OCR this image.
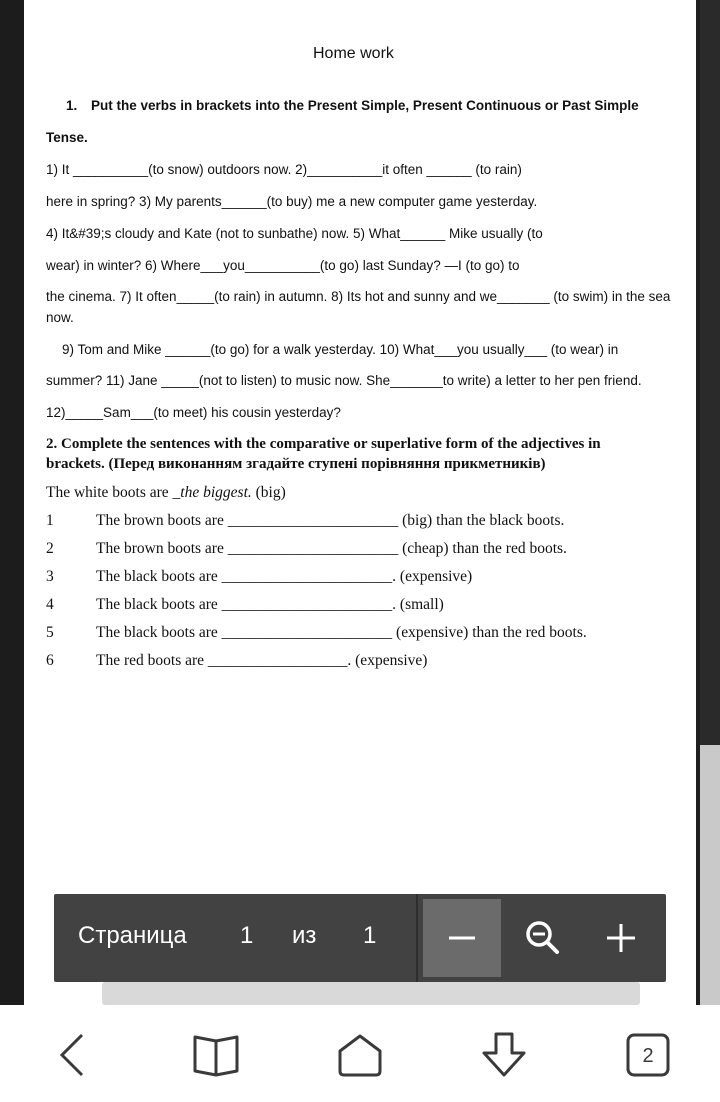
Home work
1. Put the verbs in brackets into the Present Simple, Present Continuous or Past Simple
Tense.
1) It __________(to snow) outdoors now. 2)__________it often ______ (to rain)
here in spring? 3) My parents______(to buy) me a new computer game yesterday.
4) It&#39;s cloudy and Kate (not to sunbathe) now. 5) What______ Mike usually (to
wear) in winter? 6) Where___you__________(to go) last Sunday? —I (to go) to
the cinema. 7) It often_____(to rain) in autumn. 8) Its hot and sunny and we_______ (to swim) in the sea
now.
9) Tom and Mike ______(to go) for a walk yesterday. 10) What___you usually___ (to wear) in
summer? 11) Jane _____(not to listen) to music now. She_______to write) a letter to her pen friend.
12)_____Sam___(to meet) his cousin yesterday?
2. Complete the sentences with the comparative or superlative form of the adjectives in
brackets. (Перед виконанням згадайте ступені порівняння прикметників)
The white boots are _the biggest. (big)
1	The brown boots are ______________________ (big) than the black boots.
2	The brown boots are ______________________ (cheap) than the red boots.
3	The black boots are ______________________. (expensive)
4	The black boots are ______________________. (small)
5	The black boots are ______________________ (expensive) than the red boots.
6	The red boots are __________________. (expensive)
Страница 1 из 1
2
